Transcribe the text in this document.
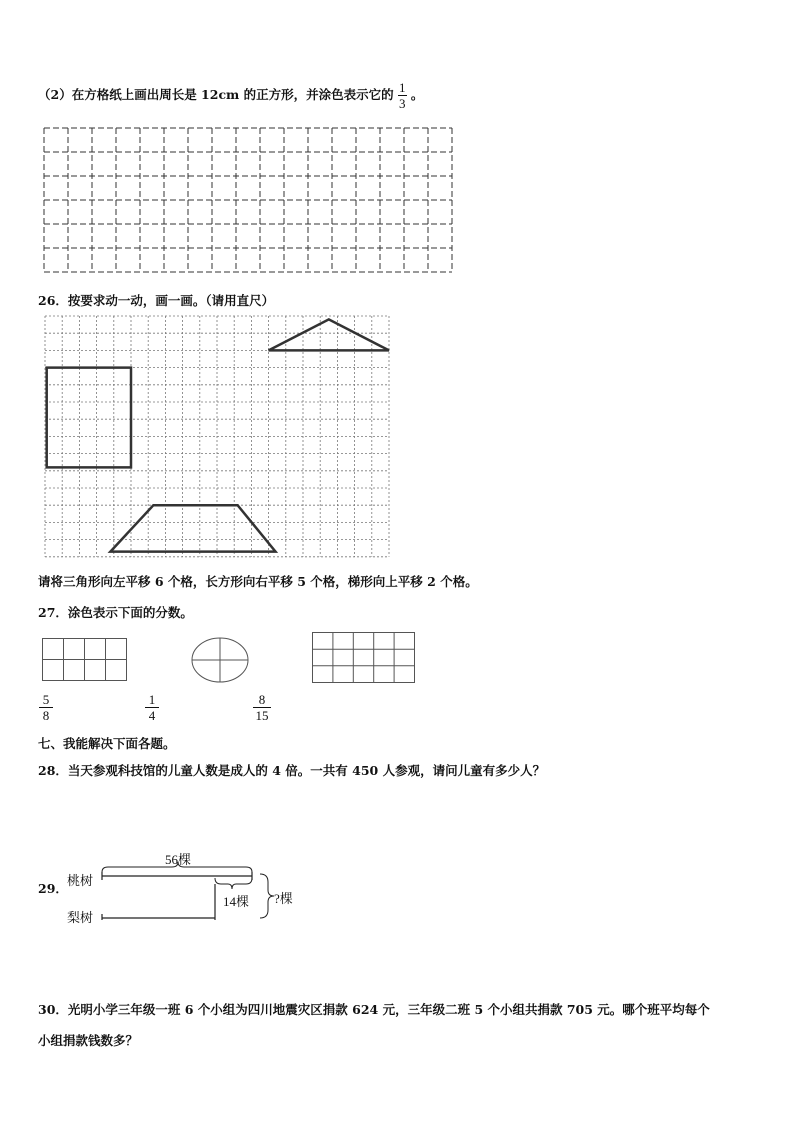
（2）在方格纸上画出周长是 12cm 的正方形，并涂色表示它的 $\frac{1}{3}$ 。
26．按要求动一动，画一画。（请用直尺）
请将三角形向左平移 6 个格，长方形向右平移 5 个格，梯形向上平移 2 个格。
27．涂色表示下面的分数。
$\frac{5}{8}$	$\frac{1}{4}$	$\frac{8}{15}$
七、我能解决下面各题。
28．当天参观科技馆的儿童人数是成人的 4 倍。一共有 450 人参观，请问儿童有多少人？
29．
桃树
梨树
56棵
14棵 ?棵
30．光明小学三年级一班 6 个小组为四川地震灾区捐款 624 元，三年级二班 5 个小组共捐款 705 元。哪个班平均每个
小组捐款钱数多？
